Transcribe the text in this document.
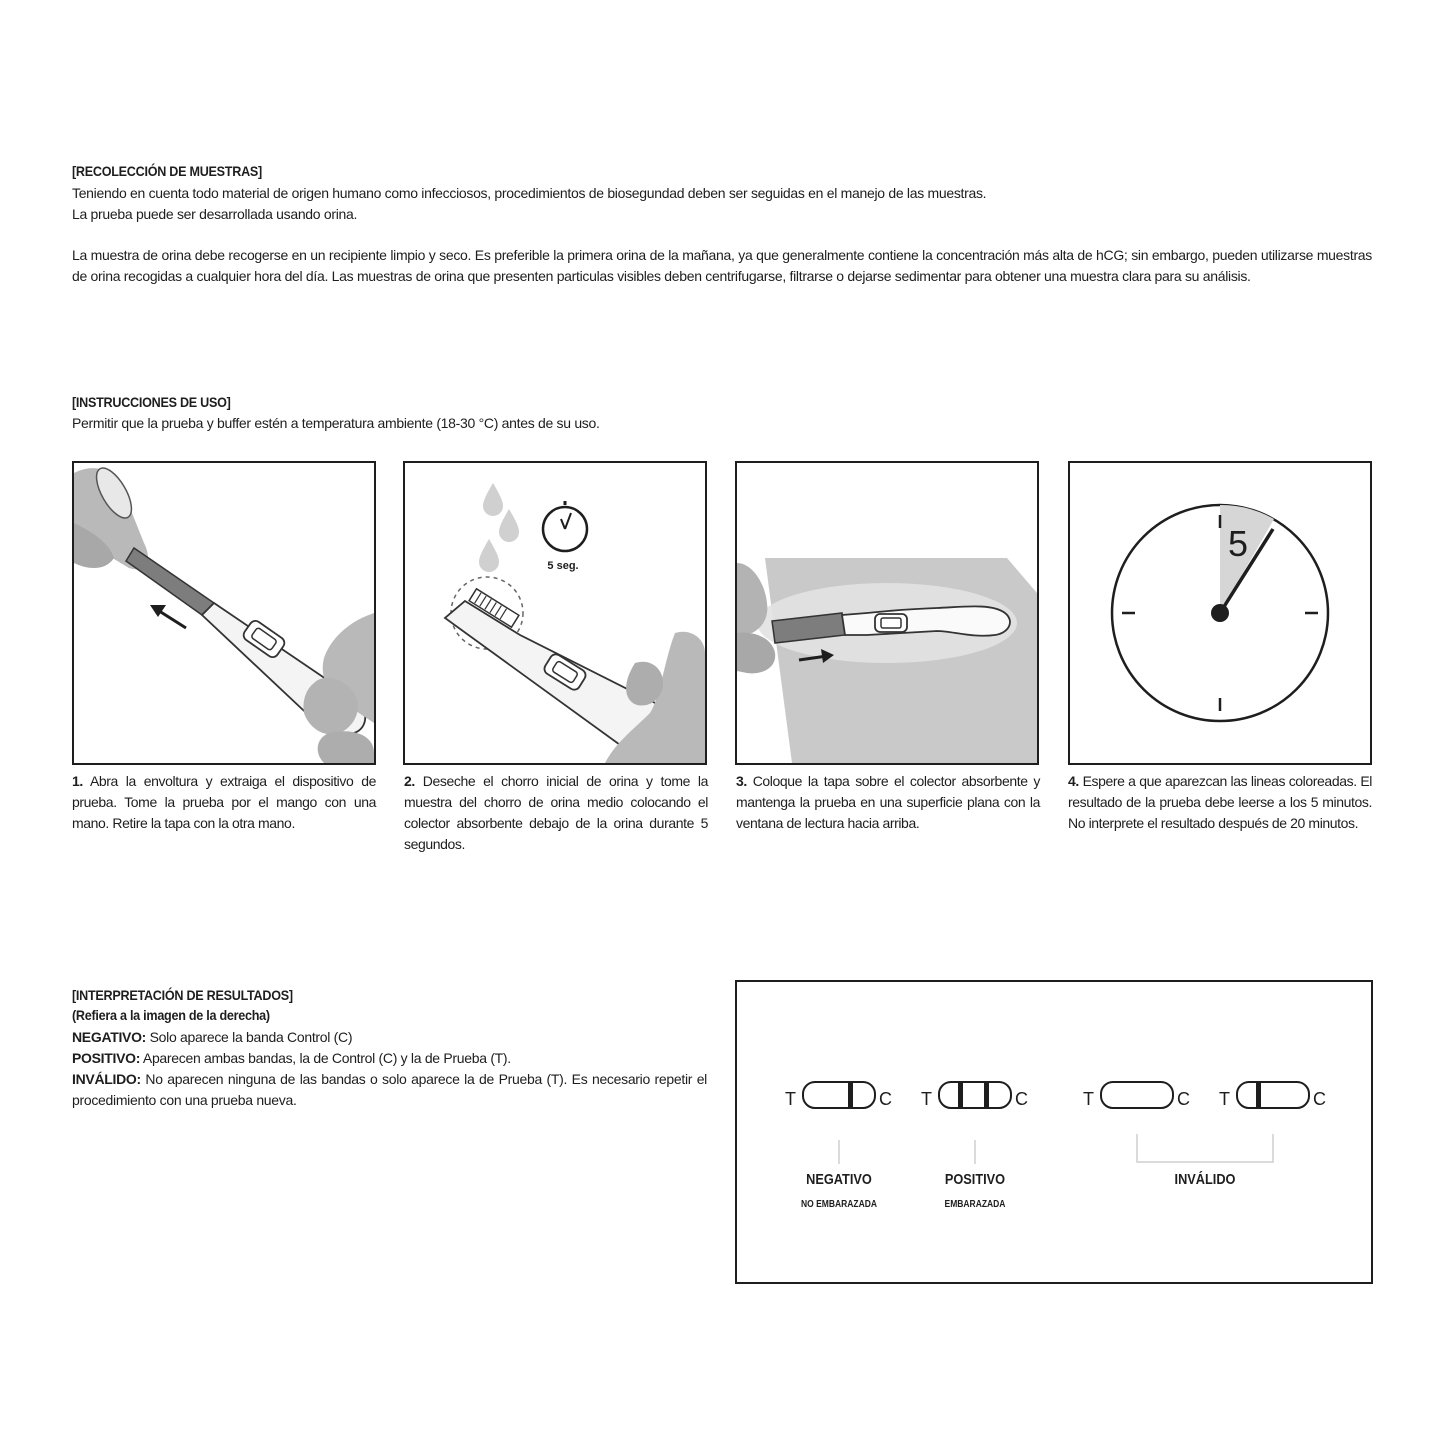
[RECOLECCIÓN DE MUESTRAS]

Teniendo en cuenta todo material de origen humano como infecciosos, procedimientos de biosegundad deben ser seguidas en el manejo de las muestras.

La prueba puede ser desarrollada usando orina.

La muestra de orina debe recogerse en un recipiente limpio y seco. Es preferible la primera orina de la mañana, ya que generalmente contiene la concentración más alta de hCG; sin embargo, pueden utilizarse muestras de orina recogidas a cualquier hora del día. Las muestras de orina que presenten particulas visibles deben centrifugarse, filtrarse o dejarse sedimentar para obtener una muestra clara para su análisis.
[INSTRUCCIONES DE USO]
Permitir que la prueba y buffer estén a temperatura ambiente (18-30 °C) antes de su uso.
5 seg.
5
1. Abra la envoltura y extraiga el dispositivo de prueba. Tome la prueba por el mango con una mano. Retire la tapa con la otra mano.
2. Deseche el chorro inicial de orina y tome la muestra del chorro de orina medio colocando el colector absorbente debajo de la orina durante 5 segundos.
3. Coloque la tapa sobre el colector absorbente y mantenga la prueba en una superficie plana con la ventana de lectura hacia arriba.
4. Espere a que aparezcan las lineas coloreadas. El resultado de la prueba debe leerse a los 5 minutos. No interprete el resultado después de 20 minutos.
[INTERPRETACIÓN DE RESULTADOS]
(Refiera a la imagen de la derecha)

NEGATIVO: Solo aparece la banda Control (C)

POSITIVO: Aparecen ambas bandas, la de Control (C) y la de Prueba (T).

INVÁLIDO: No aparecen ninguna de las bandas o solo aparece la de Prueba (T). Es necesario repetir el procedimiento con una prueba nueva.	T	C T	C	T	C T	C
NEGATIVO
NO EMBARAZADA
POSITIVO
EMBARAZADA
INVÁLIDO
